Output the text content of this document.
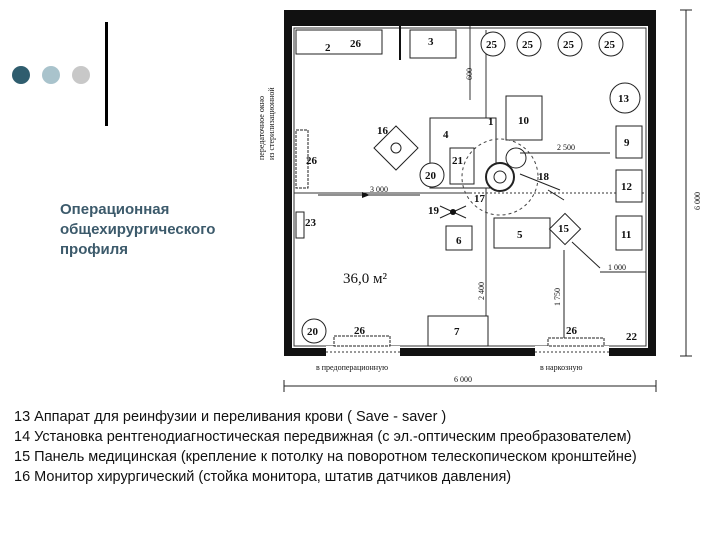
Операционная
общехирургического
профиля
2 26	3	25 25	25	25
передаточное окно из стерилизационной
600
13
10
9
12
11
26
23
16	4
1
21
20
17
18
2 500
3 000
19
6	5	15
1 000
2 400	1 750
36,0 м²
20	26	7	26	22
в предоперационную	в наркозную
6 000
6 000

13 Аппарат для реинфузии и переливания крови ( Save - saver )

14 Установка рентгенодиагностическая передвижная (с эл.-оптическим преобразователем)

15 Панель медицинская (крепление к потолку на поворотном телескопическом кронштейне)

16 Монитор хирургический (стойка монитора, штатив датчиков давления)
